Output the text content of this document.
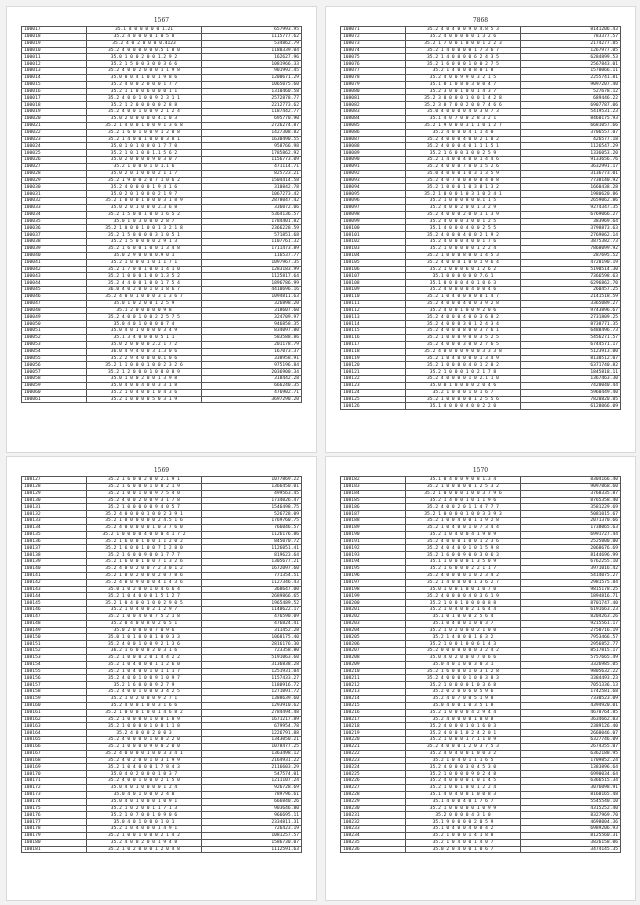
1567
100017	35.1 d 0 0 0 0 0 1.21	657993.95
100018	35.2 4 0 0 0 0 1 0 5 8	1115777.62
100019	35.2 4 0 2 0 0 0 0.4123	534862.79
100010	35.2 4 0 0 0 0 0 0.5 1 8 0	1180339.04
100011	35.0 1 0 0 2 0 0 1.2 9 2	162627.96
100012	35.2 1 5 0 0 3 0 0 3 6 6	1081966.33
100013	35.2 4 0 0 2 0 0 0 1 1 9 8	901992.45
100014	35.0 0 0 4 1 0 0 1 9 8 6	1200671.29
100015	35.2 4 0 0 2 0 0 0 1 7 7	1065075.60
100016	35.2 1 1 0 0 6 0 0 0 1 1	1310460.58
100017	35.2 4 0 0 1 0 0 9 2 3 1 1	2572878.77
100018	35.2 1 2 0 0 0 0 0 2 8 8	2212773.62
100019	35.2 4 0 0 1 0 0 9 2 1 2 4	1187442.77
100020	35.0 2 0 0 0 0 0 4.1 0 3	695770.90
100021	35.2 1 4 0 0 1 0 0 9 1 3 6 8	2726274.87
100022	35.2 1 6 0 1 0 0 9 1 2 8 8	1427308.82
100023	35.2 1 4 0 0 1 0 0 0 3 8 1	1630490.55
100024	35.0 1 0 1 0 0 0 1 7 7 0	958766.98
100025	35.2 1 0 1 0 0 1.1 5 6 2	1785862.92
100026	35.0 2 0 0 0 0 9 0 3 0 7	1156773.09
100027	35.2 1 0 0 0 1 0 1.1 6	471114.71
100028	35.0 2 0 1 0 0 0 2 1 1 7	825723.21
100029	35.2 1 9 0 0 2 0 7 1 0 6 2	1504414.58
100030	35.2 4 0 0 0 0 1 9 4 1 6	310842.78
100031	35.0 2 0 1 0 0 0 2 1 9 7	1067273.42
100032	35.2 1 0 0 0 1 0 0 0 3 1 8 9	2878047.42
100033	35.0 2 0 1 0 0 0 2.3 6 8	336072.06
100034	35.2 1 5 0 0 1 0 0 1 6 5 2	5364136.57
100035	35.0 1 0 3 0 0 0 2 8 7	1784401.82
100036	35.2 1 0 0 0 1 0 0 1 3 2 1 8	2366228.59
100037	35.2 1 5 0 0 0 0 3 1 0 5 1	571851.68
100038	35.2 1 5 0 0 0 0 2 9 1 3	1107761.32
100039	35.2 1 6 0 0 1 0 0 1 3 4 8	1711473.89
100040	35.0 2 9 0 0 0 0.9 0 1	116537.77
100041	35.2 1 0 0 0 1 0 1 1 7 1	1097967.35
100042	35.2 1 7 0 0 1 0 0 1 4 1 0	1283183.99
100043	35.2 1 0 0 0 1 0 0 1.3 5 2	1125817.64
100044	35.2 4 4 0 0 1 0 0 1 7 5 4	1896786.99
100045	36.0 4 0 2 0 0 1 0 1 8 6 7	4410696.16
100046	35.2 4 0 0 1 0 0 0 3 1 3 6 7	1094811.63
100047	35.0 1 0 2 0 0 1 2 5 9	326898.20
100048	35.1 2 0 0 0 0 0 9 8	318607.60
100049	35.2 4 0 0 1 0 0 2 2 5 7 5	324709.97
100050	35.0 4 0 1 0 0 0 0 7 4	946858.35
100051	35.0 4 0 1 0 0 0 0 3 4 9	834097.80
100052	35.1 3 4 0 0 0 0 5 1 1	583588.86
100053	35.0 2 0 0 0 0 2.2 1 7 2	201178.79
100054	36.0 4 9 4 0 0 3 1.3 0 6	167073.37
100055	35.2 2 9 4 0 0 0 0.1 0 6	338958.91
100056	35.2 1 1 0 0 0 1 0 0 2 3 2 6	975196.84
100057	35.2 1 2 0 0 0 1 0 0 0 8 9	2036900.34
100058	35.0 1 0 0 2 0 0 1 3 9 8	318442.28
100059	35.0 4 0 0 4 0 0 3 3 1 8	666240.35
100060	35.2 1 0 4 0 0 1 0 4 3 6	476902.71
100061	35.2 1 0 0 0 0 5 0 3 1 9	3697290.20
7868
108071	35.2 4 0 4 0 0 9 0 4.8 5 3	8141206.43
108072	35.2 4 0 0 0 0 0 1 3 2 6	783377.57
108073	35.2 1 7 0 0 1 0 0 0 1 2 2 3	2174277.85
108074	35.2 1 4 0 0 0 0 1 7 3 6 7	1267977.05
108075	35.2 1 4 0 0 0 0 6 2 4 3 5	6284899.53
108076	35.2 1 6 0 0 0 1 0 0 2 7 5	2567843.01
108077	35.2 1 4 0 0 0 8 0 1 8	1570066.11
108078	35.2 4 0 0 9 9 0 3 2 1 5	2255741.81
108079	35.1 0 1 0 8 0 3 0 0 4 7	9097207.40
108080	35.2 3 0 0 1 0 0 1 4 3 7	527678.12
108081	35.2 3 0 0 0 0 1 0 0 1 4 2 8	689446.22
108082	35.2 3 0 7 0 0 2 0 0 7 4 6 6	6907787.06
108083	35.0 4 0 0 0 0 4 0 3 0 7 3	5419531.23
108084	35.1 4 0 7 0 0 2 8 3 2 1	8460175.93
108085	35.2 1 9 0 0 0 3 1 1 0 1 2 7	6681057.66
108086	35.2 4 0 0 0 4 1 1 4 0	3706557.07
108087	35.2 4 0 0 0 4 0 0 2 1 0 2	426577.18
108088	35.2 4 0 0 0 4 0 1 1 1 5 1	1126547.29
108089	35.2 1 6 0 0 3 0 0 2 5 9	1336053.20
108090	35.2 1 4 0 0 4 0 0 1 4 4 6	9133656.76
108091	35.2 4 0 0 0 7 0 0 1 5 2 6	3632991.17
108092	35.0 4 0 0 0 1 0 3 1 3 5 9	3136773.01
108093	35.2 4 0 7 0 0 8 0 0 4 0 8	7738140.92
108094	35.2 1 0 0 0 1 0 3 0 1 3 2	1660438.28
108095	35.2 1 0 0 0 1 0 3 1 0 2 4 1	1980620.86
108096	35.2 1 0 0 0 8 0 0.1 1 5	2659062.86
108097	35.2 4 0 0 2 0 0 1 3 2 9	9274347.35
108098	35.2 4 0 0 0 2 0 0 1 1 3 9	6769066.27
108099	35.2 4 0 0 0 3 0 0 1 2 5	383969.64
108100	35.1 4 0 0 0 4 0 0 2 5 5	3798873.63
108101	35.2 4 0 0 0 4 0 0 2 1 9 2	2769062.14
108102	35.2 4 0 0 0 4 0 0 1 7 6	3875382.73
108103	35.2 1 0 0 0 0 0 1 2 2 4	7868099.92
108104	35.2 1 0 0 0 8 0 0 1 4 5 3	287695.52
108105	35.2 4 0 0 0 1 0 0 1 9 6 4	4720190.19
108106	35.2 1 0 0 0 6 0 1 2 6 2	5190514.30
108107	35.1 0 0 0 0 0 0 7.6 1	7366598.63
108108	35.1 0 0 0 0 4 0 1 0 6 3	6296862.70
108109	35.2 4 0 0 0 0 4 0 0 4 6	260457.25
108110	35.2 1 0 4 0 0 8 0 0 1 4 7	2141518.59
108111	35.2 4 0 0 0 4 0 0 3 9 2 8	3365089.27
108112	35.2 4 0 0 1 0 0 9 2 0 6	9743896.67
108113	35.2 4 0 0 0 4 0 0 3 6 8 2	2731809.25
108114	35.2 4 0 0 0 3 0 1 2 4 3 4	8738771.35
108115	35.2 4 0 0 0 8 0 0 3 7 6 1	6488496.73
108116	35.2 1 0 0 0 9 0 0 3 5 2 5	5456271.57
108117	35.2 4 0 0 0 3 0 0 2 7 6 5	6744571.17
108118	35.2 4 0 0 0 0 9 0 0 3 3 3 8	5123913.00
108119	35.2 1 0 4 0 0 0 0 1 3 4 9	8130512.07
108120	35.2 1 0 0 0 0 4 0 1 2 0 2	6371740.82
108121	35.2 1 0 0 0 1 0 2 1 7 8	1845818.11
108122	35.2 4 0 0 0 0 1 0 2.1 1 0	1367463.30
108123	35.0 0 1 0 0 0 0 2 0 4 6	7420040.44
108124	35.2 1 0 0 0 1 0 1 6 7	5960449.40
108125	35.2 1 0 0 0 0 0 1 2 5 5 6	7820820.85
108126	35.1 4 0 0 0 4 0 0 2 2 0	6128066.09
1569
108127	35.2 1 6 0 0 2 0 0 2.1 9 1	1077869.22
108128	35.2 1 6 0 0 0 1 0 8 2 1 9	1366450.01
108129	35.2 1 0 0 1 0 0 9 7 5 4 0	499563.45
108130	35.2 4 0 0 2 0 0 9 3 1 7 8	1734026.47
108131	35.2 1 0 0 0 0 0 9 4 0 5 7	1546498.75
108132	35.2 4 0 0 0 0 1 0 0 2 3 9 1	526728.09
108133	35.2 1 0 0 0 0 0 0 2 4.5 1 6	1769760.75
108134	35.2 4 0 0 0 0 0 1 0 3 7 6 0	766046.57
108135	35.2 1 0 0 0 0 4 0 0 0 4 1 7 2	1126176.86
108136	35.2 1 6 0 0 1 0 0 1 1 2 0 2	845070.72
108137	35.2 1 6 0 0 1 0 0 7 1 2 8 0	1126051.41
108138	35.2 1 6 0 0 9 0 0 1 7 7 7	819623.64
108139	35.2 1 6 0 0 1 0 0 7 1 3 2 6	1305677.21
108140	35.2 4 0 0 2 0 0 7 2 3 0 1 2	1672097.60
108141	35.2 1 0 0 2 0 0 0 2 0 7 8 6	771354.51
108142	35.2 4 0 0 9 0 0 0 4 1 4 3 6	1127346.43
108143	35.0 1 0 2 0 0 1 0 4 6 6 4	368647.00
108144	35.2 1 0 4 0 0 0 1 5 1 2 7	2689866.65
108145	35.2 1 0 4 0 0 1 0 0 2 9 0 5	1965489.52
108146	35.2 1 0 4 0 0 2 1 2 9 7	1140622.17
108147	35.2 1 0 0 4 0 0 7 5 2 1 8	476590.09
108148	35.2 0 4 0 0 8 0 2 6 5 1	476824.41
108149	35.0 2 0 0 0 0 7 0 9 6	311452.28
108150	35.0 1 0 1 0 0 0 1 0 0 3 3	1068175.40
108151	35.2 4 0 0 1 0 0 9 2 1 3 6	2816176.30
108152	36.2 1 6 0 0 0 2 0 3 1 6	723358.80
108153	35.2 1 0 0 0 2 0 1 4 4 2 2	5191063.60
108154	35.2 1 0 4 0 0 0 1 1 2 6 0	3136838.28
108155	35.2 1 0 4 0 0 1 0 1 1 1 7	1251931.04
108156	35.2 4 0 0 1 0 0 9 1 0 9 7	1157433.27
108157	35.2 1 6 0 0 0 9 2 7 9	1180916.72
108158	35.2 4 0 0 1 0 0 0 3 4 2 5	1271091.72
108159	35.2 1 0 2 0 0 0 9 2 7 1	1388639.60
108160	35.2 4 0 0 1 0 0 3 1 6 6	1293910.62
108161	35.2 1 0 0 0 1 0 0 1 4 6 8 2	2784494.48
108162	35.2 1 0 0 0 0 1 0 0 1 8 9	1671217.89
108163	35.2 1 0 0 0 0 1 0 0 1 1 8	679954.78
108164	35.2 4 0 0 0 2 0 0 3	1226791.88
108165	35.2 4 0 0 0 0 1 0 0 2 2 0	1343050.21
108166	35.2 1 0 0 0 0 9 0 0 2 0 0	1078477.25
108167	35.2 4 0 0 0 0 1 0 0 3 3 4 1	1363498.12
108168	35.2 4 0 2 0 0 1 0 3 1 9 9	2164931.22
108169	35.2 1 0 4 0 0 0 1 7 8 4 3	2116603.29
108170	35.0 4 0 2 0 0 0 1 0 3 7	547574.01
108171	35.2 4 0 0 1 0 0 0 2 1 5 0	1211107.24
108172	35.0 4 0 1 0 0 0 0 1 2 4	926728.69
108173	35.0 4 0 1 0 0 0 2 4 0	789796.61
108174	35.0 4 0 1 0 0 0 1 0 9 1	666840.26
108175	35.2 1 0 2 0 0 1 1 7 1 3	903646.80
108176	35.2 1 0 7 0 0 1 0 9 0 6	966695.11
108177	35.0 4 0 1 0 0 0 1 0 1	2334811.31
108178	35.2 1 0 4 0 0 0 1 4 9 1	726423.19
108179	35.2 1 0 0 1 0 0 0 2 1 4 2	1081257.57
108180	35.2 4 0 0 2 0 0 1 9 4 8	1586730.07
108181	35.2 1 0 2 0 0 0 1 2 0 4 8	1112591.63
1570
108182	35.1 0 4 0 0 9 0 8 1.3 4	8304166.40
108183	35.2 1 0 0 0 0 0 1 2 5 3 2	9097868.60
108184	35.2 1 0 0 0 0 1 0 0 3 7 9 6	3768335.87
108185	35.2 1 4 0 0 1 0 1 1 9 6	8765358.40
108186	35.2 4 0 0 2 0 1 1 4 7 7 7	3581229.69
108187	35.2 1 0 0 0 0 1 0 0 3 3 9 3	5081015.67
108188	35.2 1 0 0 4 0 0 1 1 9 2 8	2071370.66
108189	35.2 1 0 4 0 0 1 0 7 3 4 4	1738065.63
108190	35.2 1 0 4 0 0 4 1 9 0 9	6991727.44
108191	35.2 4 0 0 0 1 0 0 1 2 3 6	2525000.00
108192	35.2 4 0 4 0 0 1 0 1 5 9 8	2068676.69
108193	35.2 1 6 0 0 9 0 0 3 0 6 3	8144696.99
108194	35.1 1 0 0 0 0 1 3 5 0 9	6762255.10
108195	35.2 1 6 0 0 0 2 2 1 1 7	3971016.42
108196	35.2 4 0 0 0 0 1 0 2 3 4 2	5414075.27
108197	35.2 1 4 0 0 0 0 1 3 6 2 7	2981575.84
108198	35.0 1 0 0 1 0 0 1 0 7 0	9815178.25
108199	35.2 4 0 0 0 0 4 0 3 6 1 9	1894816.71
108200	35.2 1 0 0 1 0 0 0 0 8 8	8701747.40
108201	35.2 1 0 4 0 0 2 1 6 4 4	6191663.23
108202	35.1 0 1 0 0 0 2 5 6 4	8204263.26
108203	35.1 0 4 0 0 1 0 0 3 7	9215561.17
108204	35.2 1 0 2 0 0 0 2 1 0 0	2750716.19
108205	35.2 1 4 0 0 0 1 6 3 2	7953466.57
108206	35.2 1 0 0 1 0 0 6 1 4 3	2956852.77
108207	35.2 0 0 0 0 0 0 0 3 2 4 2	8517815.17
108208	35.0 4 0 2 0 0 0 7 0 6 6	5757665.49
108209	35.0 4 0 1 0 0 3 0 3 1	3326985.05
108210	35.2 1 6 0 0 0 1 0 3 1 2 8	9805632.22
108211	35.2 4 0 0 0 0 1 0 0 3 8 3	3384493.23
108212	35.2 1 0 0 0 0 1 0 3 6 8	7051336.13
108213	35.2 0 2 0 0 6 0 5 9 6	1742581.68
108214	35.2 4 0 7 0 0 5 1 9 8	7330523.09
108215	35.0 4 0 0 1 0 3 5 1 8	4394920.01
108216	35.2 1 0 0 0 0 4 2 9 4 4	4670764.85
108217	35.2 4 0 0 0 0 1 0 0 8	3634662.03
108218	35.2 4 0 0 0 1 0 1 6 0 3	2389126.40
108219	35.2 4 0 0 1 0 2 4 2 0 1	2660046.07
108220	35.2 1 0 0 0 1 7 1 1 0 9	6327746.09
108221	35.2 4 0 0 0 1 2 0 3 7 5 3	2674355.07
108222	35.2 4 0 4 0 0 1 0 0 3 2	6362188.95
108223	35.2 1 0 4 0 1 1 1 6 5	1709852.24
108224	35.2 4 0 0 0 3 0 4 5 3 0	1383896.64
108225	35.2 1 0 0 0 0 9 0 2 4 8	6990034.64
108226	35.2 4 0 0 0 0 1 0 1 4 5	6366515.34
108227	35.2 1 0 0 1 0 0 1 2 2 4	3076098.91
108228	35.1 4 0 4 0 0 1 0 0 8 3	8160165.48
108229	35.1 4 0 0 4 0 1 7 6 7	5545540.10
108230	35.2 1 0 0 0 0 0 1 0 9 9	4315252.40
108231	35.2 0 0 0 0 4 3 1 0	8327969.70
108232	35.1 9 0 0 0 0 2 0 5 9	4698004.36
108233	35.1 0 4 0 0 4 0 0 4 2	6989206.93
108234	35.2 1 0 0 0 1 4 1 8 8	8125560.31
108235	35.2 1 0 4 0 0 1 4 0 7	3826158.06
108236	35.0 2 0 4 0 0 1 0 6 7	3474145.35
